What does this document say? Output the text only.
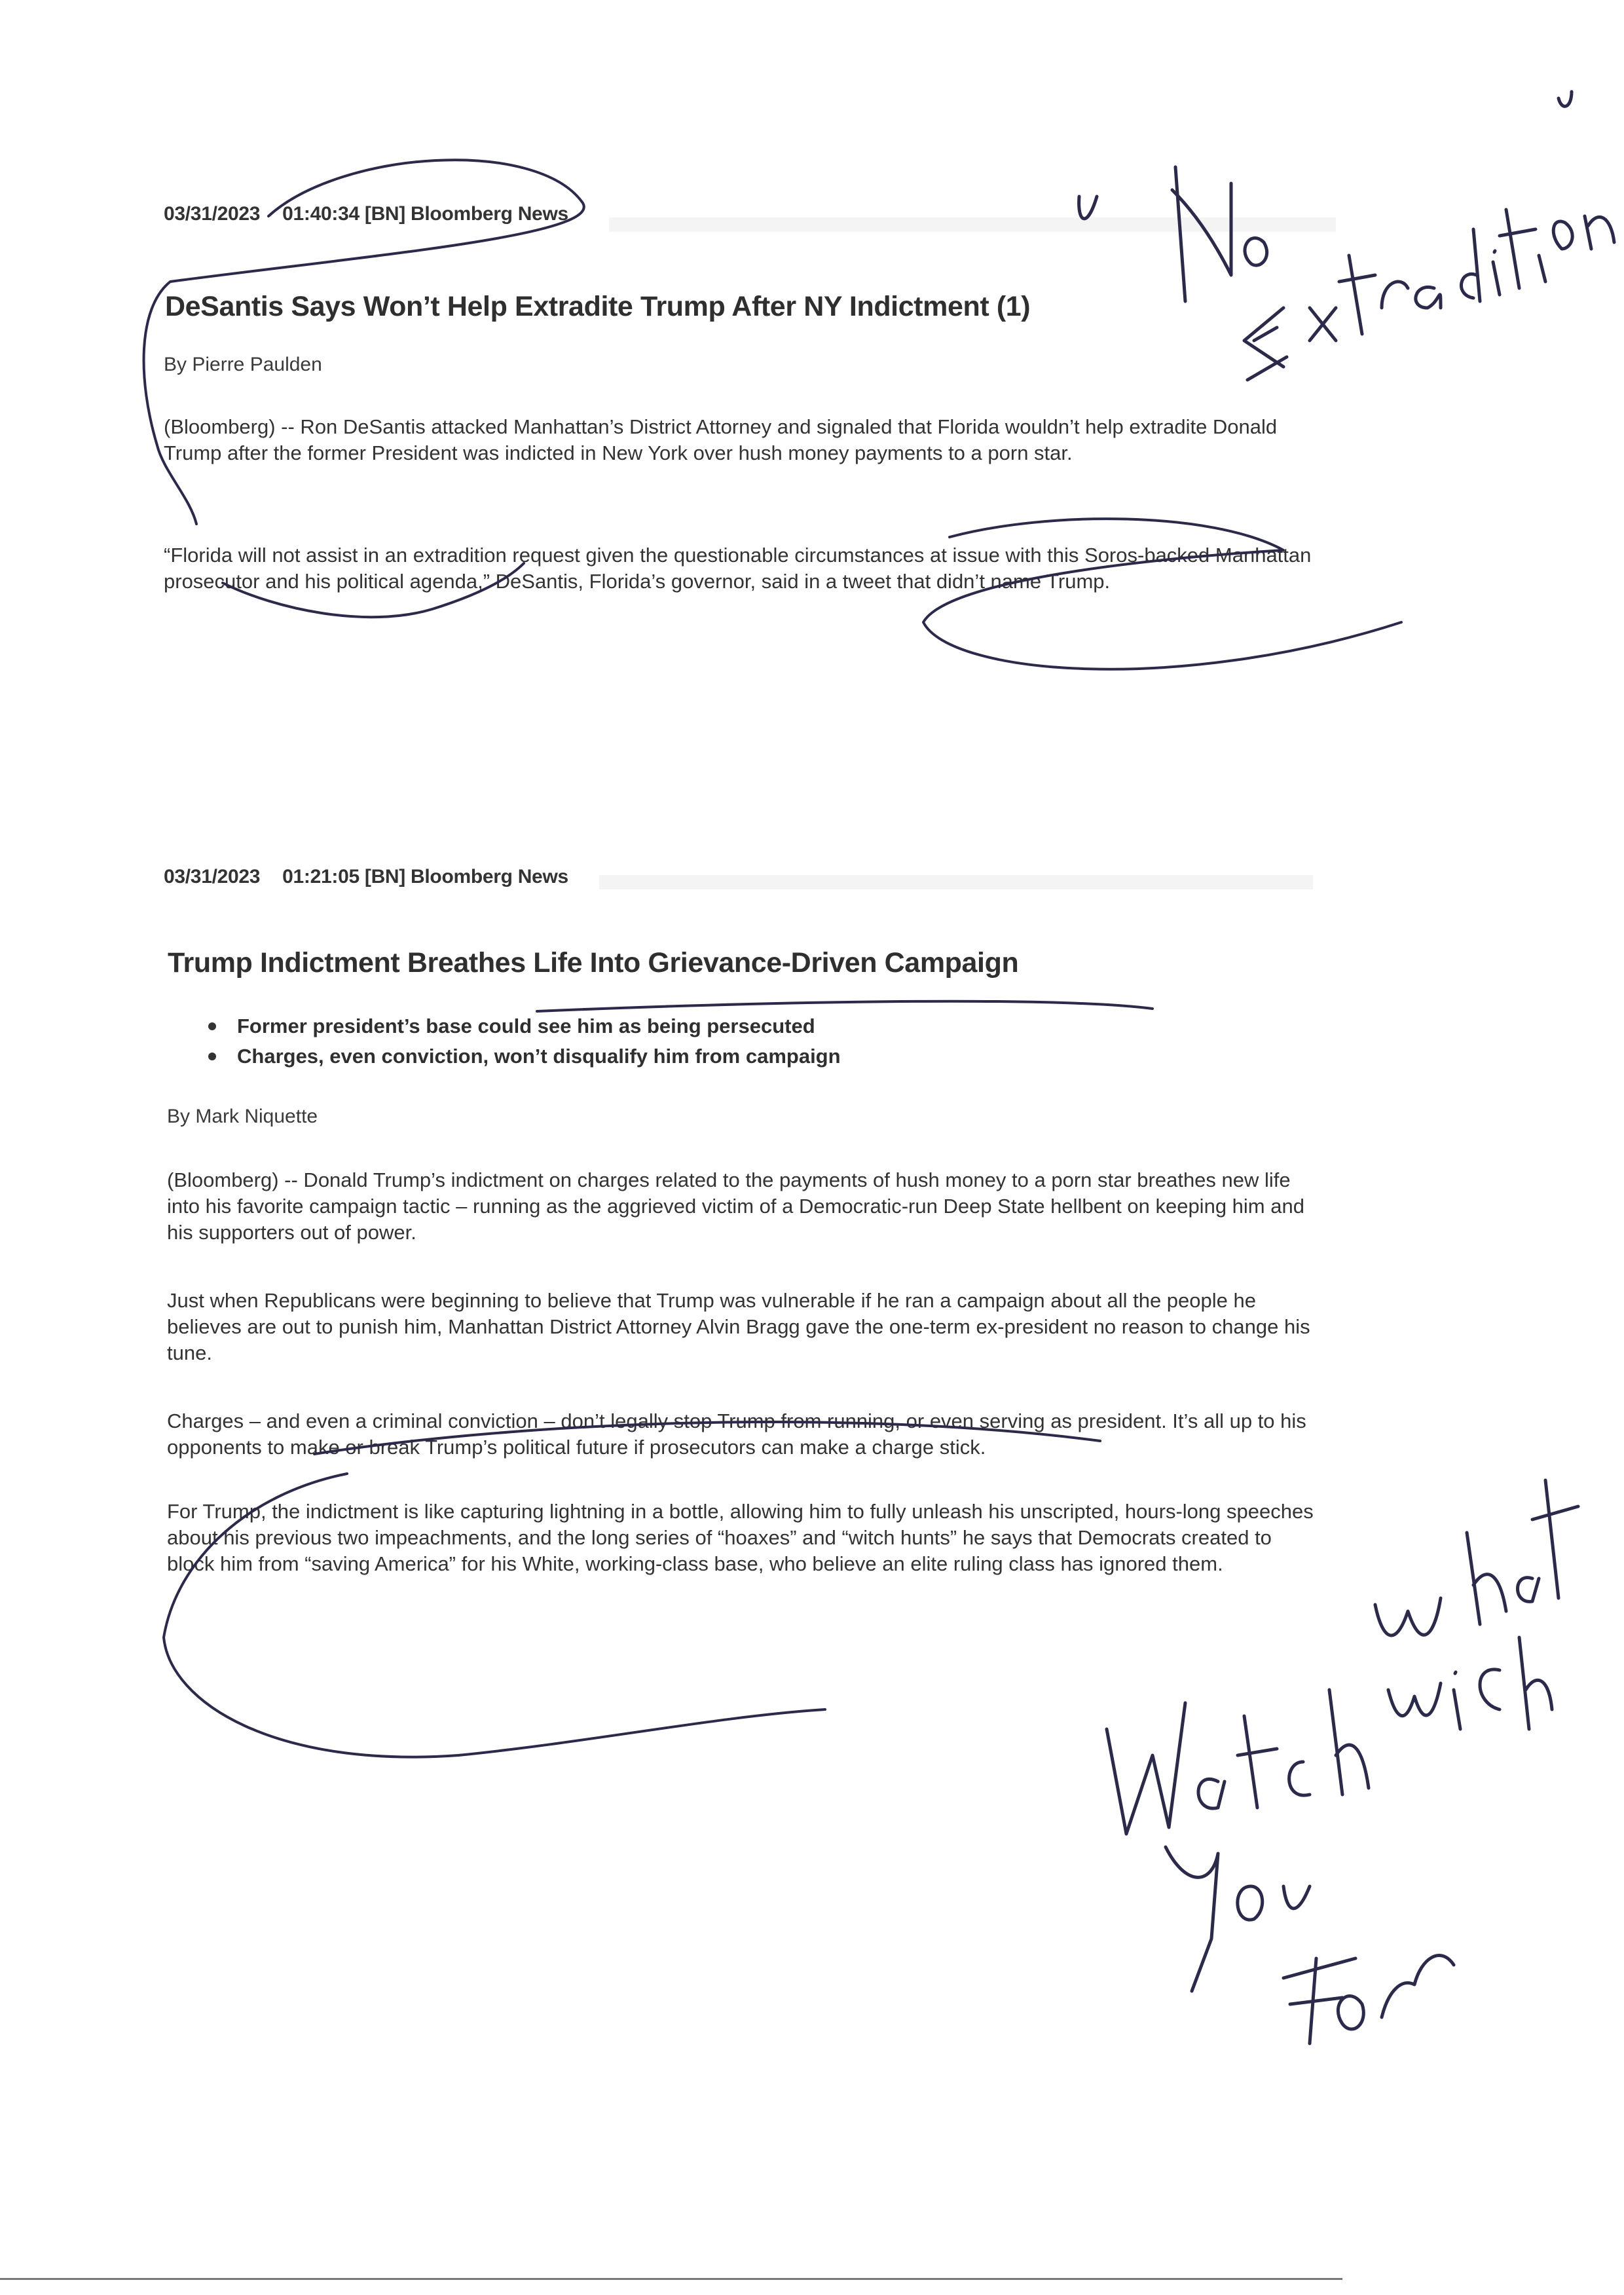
03/31/2023 01:40:34 [BN] Bloomberg News
DeSantis Says Won’t Help Extradite Trump After NY Indictment (1)
By Pierre Paulden

(Bloomberg) -- Ron DeSantis attacked Manhattan’s District Attorney and signaled that Florida wouldn’t help extradite Donald Trump after the former President was indicted in New York over hush money payments to a porn star.

“Florida will not assist in an extradition request given the questionable circumstances at issue with this Soros-backed Manhattan prosecutor and his political agenda,” DeSantis, Florida’s governor, said in a tweet that didn’t name Trump.

03/31/2023 01:21:05 [BN] Bloomberg News
Trump Indictment Breathes Life Into Grievance-Driven Campaign
Former president’s base could see him as being persecuted
Charges, even conviction, won’t disqualify him from campaign
By Mark Niquette

(Bloomberg) -- Donald Trump’s indictment on charges related to the payments of hush money to a porn star breathes new life into his favorite campaign tactic – running as the aggrieved victim of a Democratic-run Deep State hellbent on keeping him and his supporters out of power.

Just when Republicans were beginning to believe that Trump was vulnerable if he ran a campaign about all the people he believes are out to punish him, Manhattan District Attorney Alvin Bragg gave the one-term ex-president no reason to change his tune.

Charges – and even a criminal conviction – don’t legally stop Trump from running, or even serving as president. It’s all up to his opponents to make or break Trump’s political future if prosecutors can make a charge stick.

For Trump, the indictment is like capturing lightning in a bottle, allowing him to fully unleash his unscripted, hours-long speeches about his previous two impeachments, and the long series of “hoaxes” and “witch hunts” he says that Democrats created to block him from “saving America” for his White, working-class base, who believe an elite ruling class has ignored them.
